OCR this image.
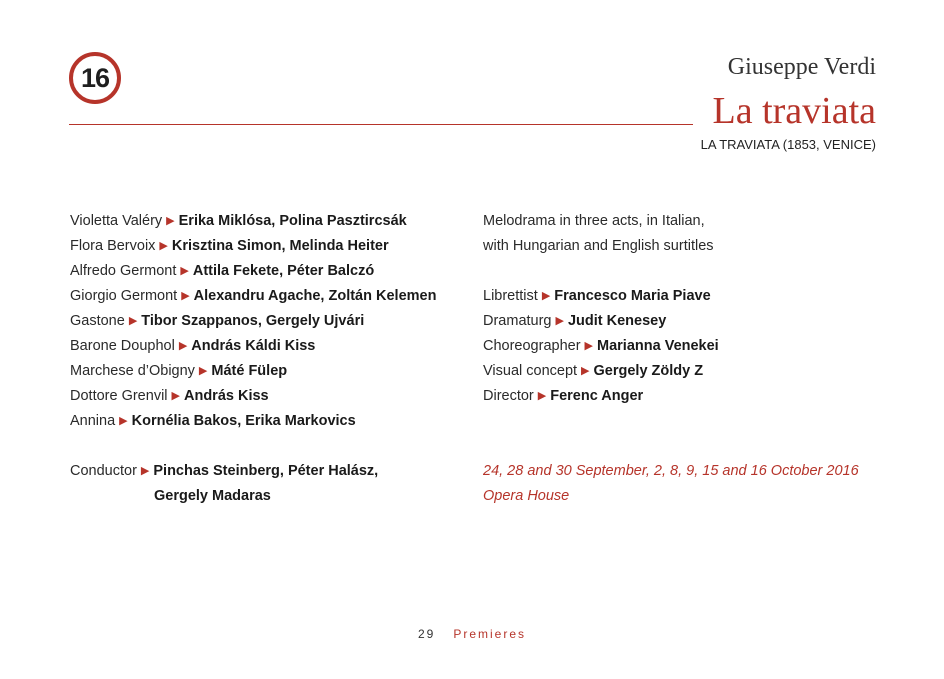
16	Giuseppe Verdi
La traviata
LA TRAVIATA (1853, VENICE)
Violetta Valéry ▶ Erika Miklósa, Polina Pasztircsák
Flora Bervoix ▶ Krisztina Simon, Melinda Heiter
Alfredo Germont ▶ Attila Fekete, Péter Balczó
Giorgio Germont ▶ Alexandru Agache, Zoltán Kelemen
Gastone ▶ Tibor Szappanos, Gergely Ujvári
Barone Douphol ▶ András Káldi Kiss
Marchese d’Obigny ▶ Máté Fülep
Dottore Grenvil ▶ András Kiss
Annina ▶ Kornélia Bakos, Erika Markovics
Conductor ▶ Pinchas Steinberg, Péter Halász,
Gergely Madaras
Melodrama in three acts, in Italian,
with Hungarian and English surtitles
Librettist ▶ Francesco Maria Piave
Dramaturg ▶ Judit Kenesey
Choreographer ▶ Marianna Venekei
Visual concept ▶ Gergely Zöldy Z
Director ▶ Ferenc Anger
24, 28 and 30 September, 2, 8, 9, 15 and 16 October 2016
Opera House
29 Premieres
